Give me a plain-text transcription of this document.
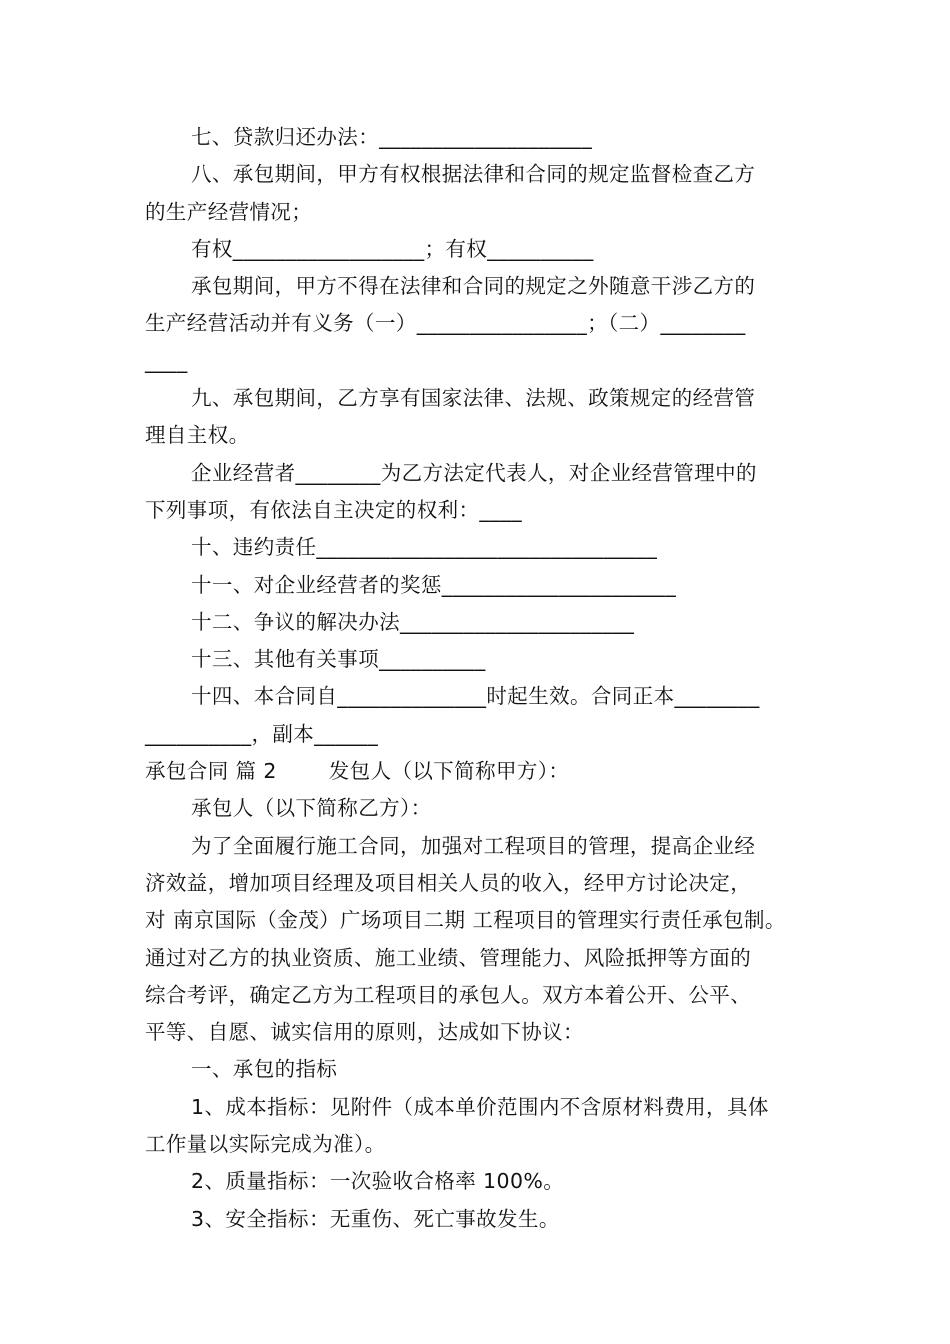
七、贷款归还办法：____________________
八、承包期间，甲方有权根据法律和合同的规定监督检查乙方
的生产经营情况；
有权__________________；有权__________
承包期间，甲方不得在法律和合同的规定之外随意干涉乙方的
生产经营活动并有义务（一）________________；（二）________
____
九、承包期间，乙方享有国家法律、法规、政策规定的经营管
理自主权。
企业经营者________为乙方法定代表人，对企业经营管理中的
下列事项，有依法自主决定的权利：____
十、违约责任________________________________
十一、对企业经营者的奖惩______________________
十二、争议的解决办法______________________
十三、其他有关事项__________
十四、本合同自______________时起生效。合同正本________
__________，副本______
承包合同 篇 2	发包人（以下简称甲方）：
承包人（以下简称乙方）：
为了全面履行施工合同，加强对工程项目的管理，提高企业经
济效益，增加项目经理及项目相关人员的收入，经甲方讨论决定，
对 南京国际（金茂）广场项目二期 工程项目的管理实行责任承包制。
通过对乙方的执业资质、施工业绩、管理能力、风险抵押等方面的
综合考评，确定乙方为工程项目的承包人。双方本着公开、公平、
平等、自愿、诚实信用的原则，达成如下协议：
一、承包的指标
1、成本指标：见附件（成本单价范围内不含原材料费用，具体
工作量以实际完成为准）。
2、质量指标：一次验收合格率 100%。
3、安全指标：无重伤、死亡事故发生。
